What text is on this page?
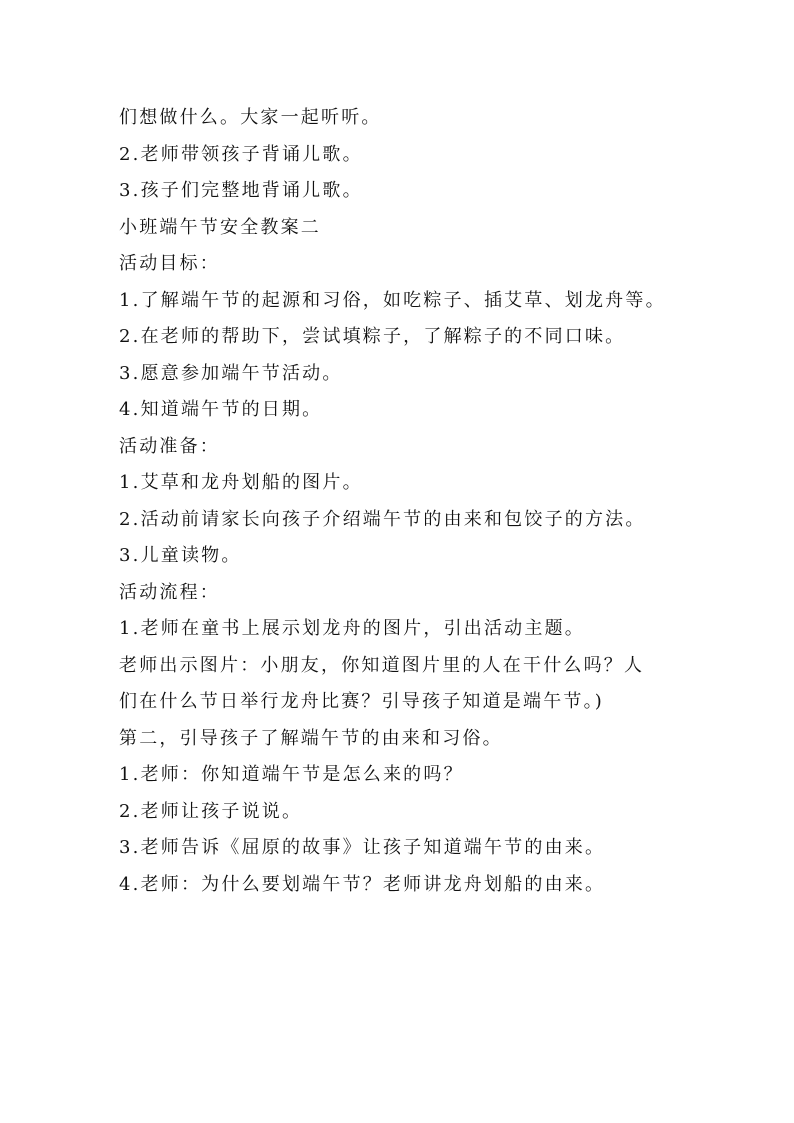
们想做什么。大家一起听听。

2.老师带领孩子背诵儿歌。

3.孩子们完整地背诵儿歌。

小班端午节安全教案二

活动目标：

1.了解端午节的起源和习俗，如吃粽子、插艾草、划龙舟等。

2.在老师的帮助下，尝试填粽子，了解粽子的不同口味。

3.愿意参加端午节活动。

4.知道端午节的日期。

活动准备：

1.艾草和龙舟划船的图片。

2.活动前请家长向孩子介绍端午节的由来和包饺子的方法。

3.儿童读物。

活动流程：

1.老师在童书上展示划龙舟的图片，引出活动主题。

老师出示图片：小朋友，你知道图片里的人在干什么吗？人

们在什么节日举行龙舟比赛？引导孩子知道是端午节。)

第二，引导孩子了解端午节的由来和习俗。

1.老师：你知道端午节是怎么来的吗？

2.老师让孩子说说。

3.老师告诉《屈原的故事》让孩子知道端午节的由来。

4.老师：为什么要划端午节？老师讲龙舟划船的由来。
